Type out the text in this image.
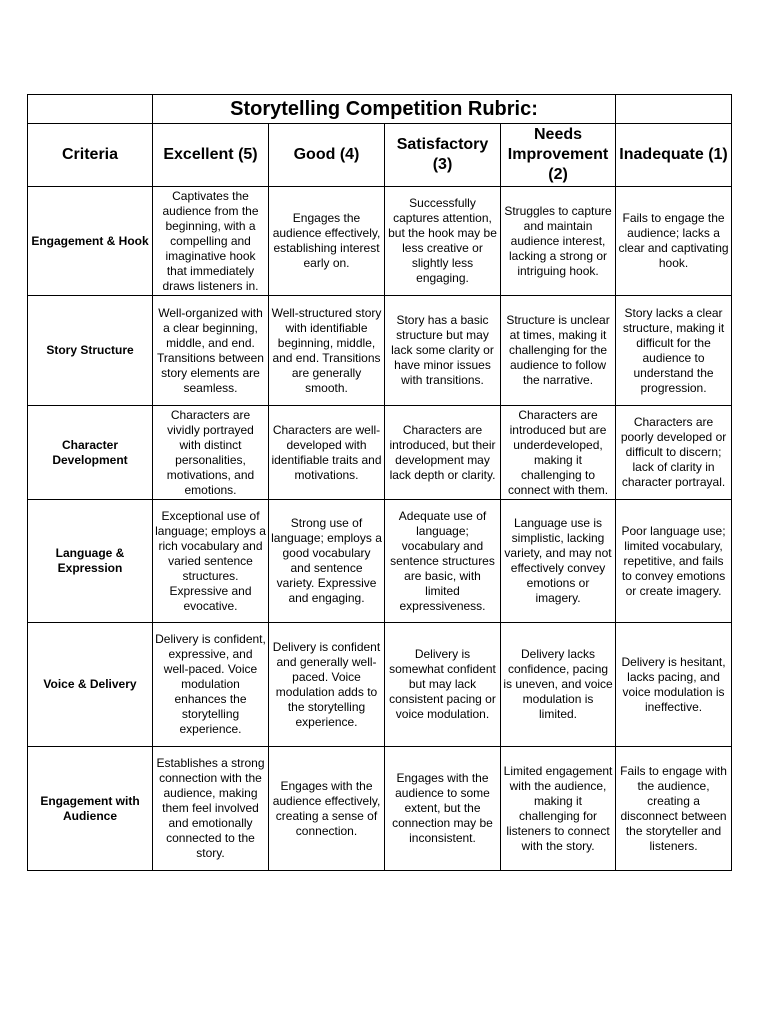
	Storytelling Competition Rubric:				
Criteria	Excellent (5)	Good (4)	Satisfactory (3)	Needs Improvement (2)	Inadequate (1)
Engagement & Hook	Captivates the audience from the beginning, with a compelling and imaginative hook that immediately draws listeners in.	Engages the audience effectively, establishing interest early on.	Successfully captures attention, but the hook may be less creative or slightly less engaging.	Struggles to capture and maintain audience interest, lacking a strong or intriguing hook.	Fails to engage the audience; lacks a clear and captivating hook.
Story Structure	Well-organized with a clear beginning, middle, and end. Transitions between story elements are seamless.	Well-structured story with identifiable beginning, middle, and end. Transitions are generally smooth.	Story has a basic structure but may lack some clarity or have minor issues with transitions.	Structure is unclear at times, making it challenging for the audience to follow the narrative.	Story lacks a clear structure, making it difficult for the audience to understand the progression.
Character Development	Characters are vividly portrayed with distinct personalities, motivations, and emotions.	Characters are well-developed with identifiable traits and motivations.	Characters are introduced, but their development may lack depth or clarity.	Characters are introduced but are underdeveloped, making it challenging to connect with them.	Characters are poorly developed or difficult to discern; lack of clarity in character portrayal.
Language & Expression	Exceptional use of language; employs a rich vocabulary and varied sentence structures. Expressive and evocative.	Strong use of language; employs a good vocabulary and sentence variety. Expressive and engaging.	Adequate use of language; vocabulary and sentence structures are basic, with limited expressiveness.	Language use is simplistic, lacking variety, and may not effectively convey emotions or imagery.	Poor language use; limited vocabulary, repetitive, and fails to convey emotions or create imagery.
Voice & Delivery	Delivery is confident, expressive, and well-paced. Voice modulation enhances the storytelling experience.	Delivery is confident and generally well-paced. Voice modulation adds to the storytelling experience.	Delivery is somewhat confident but may lack consistent pacing or voice modulation.	Delivery lacks confidence, pacing is uneven, and voice modulation is limited.	Delivery is hesitant, lacks pacing, and voice modulation is ineffective.
Engagement with Audience	Establishes a strong connection with the audience, making them feel involved and emotionally connected to the story.	Engages with the audience effectively, creating a sense of connection.	Engages with the audience to some extent, but the connection may be inconsistent.	Limited engagement with the audience, making it challenging for listeners to connect with the story.	Fails to engage with the audience, creating a disconnect between the storyteller and listeners.
